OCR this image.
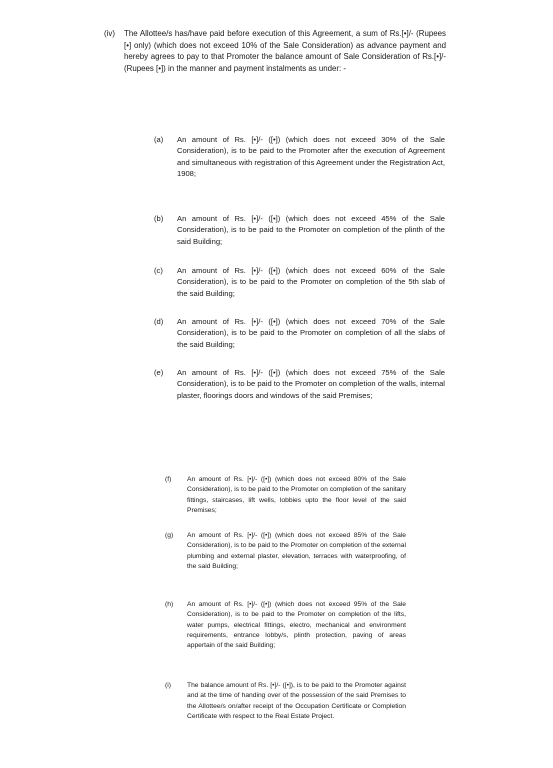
(iv) The Allottee/s has/have paid before execution of this Agreement, a sum of Rs.[•]/- (Rupees [•] only) (which does not exceed 10% of the Sale Consideration) as advance payment and hereby agrees to pay to that Promoter the balance amount of Sale Consideration of Rs.[•]/- (Rupees [•]) in the manner and payment instalments as under: -
(a) An amount of Rs. [•]/- ([•]) (which does not exceed 30% of the Sale Consideration), is to be paid to the Promoter after the execution of Agreement and simultaneous with registration of this Agreement under the Registration Act, 1908;
(b) An amount of Rs. [•]/- ([•]) (which does not exceed 45% of the Sale Consideration), is to be paid to the Promoter on completion of the plinth of the said Building;
(c) An amount of Rs. [•]/- ([•]) (which does not exceed 60% of the Sale Consideration), is to be paid to the Promoter on completion of the 5th slab of the said Building;
(d) An amount of Rs. [•]/- ([•]) (which does not exceed 70% of the Sale Consideration), is to be paid to the Promoter on completion of all the slabs of the said Building;
(e) An amount of Rs. [•]/- ([•]) (which does not exceed 75% of the Sale Consideration), is to be paid to the Promoter on completion of the walls, internal plaster, floorings doors and windows of the said Premises;
(f) An amount of Rs. [•]/- ([•]) (which does not exceed 80% of the Sale Consideration), is to be paid to the Promoter on completion of the sanitary fittings, staircases, lift wells, lobbies upto the floor level of the said Premises;
(g) An amount of Rs. [•]/- ([•]) (which does not exceed 85% of the Sale Consideration), is to be paid to the Promoter on completion of the external plumbing and external plaster, elevation, terraces with waterproofing, of the said Building;
(h) An amount of Rs. [•]/- ([•]) (which does not exceed 95% of the Sale Consideration), is to be paid to the Promoter on completion of the lifts, water pumps, electrical fittings, electro, mechanical and environment requirements, entrance lobby/s, plinth protection, paving of areas appertain of the said Building;
(i) The balance amount of Rs. [•]/- ([•]), is to be paid to the Promoter against and at the time of handing over of the possession of the said Premises to the Allottee/s on/after receipt of the Occupation Certificate or Completion Certificate with respect to the Real Estate Project.
